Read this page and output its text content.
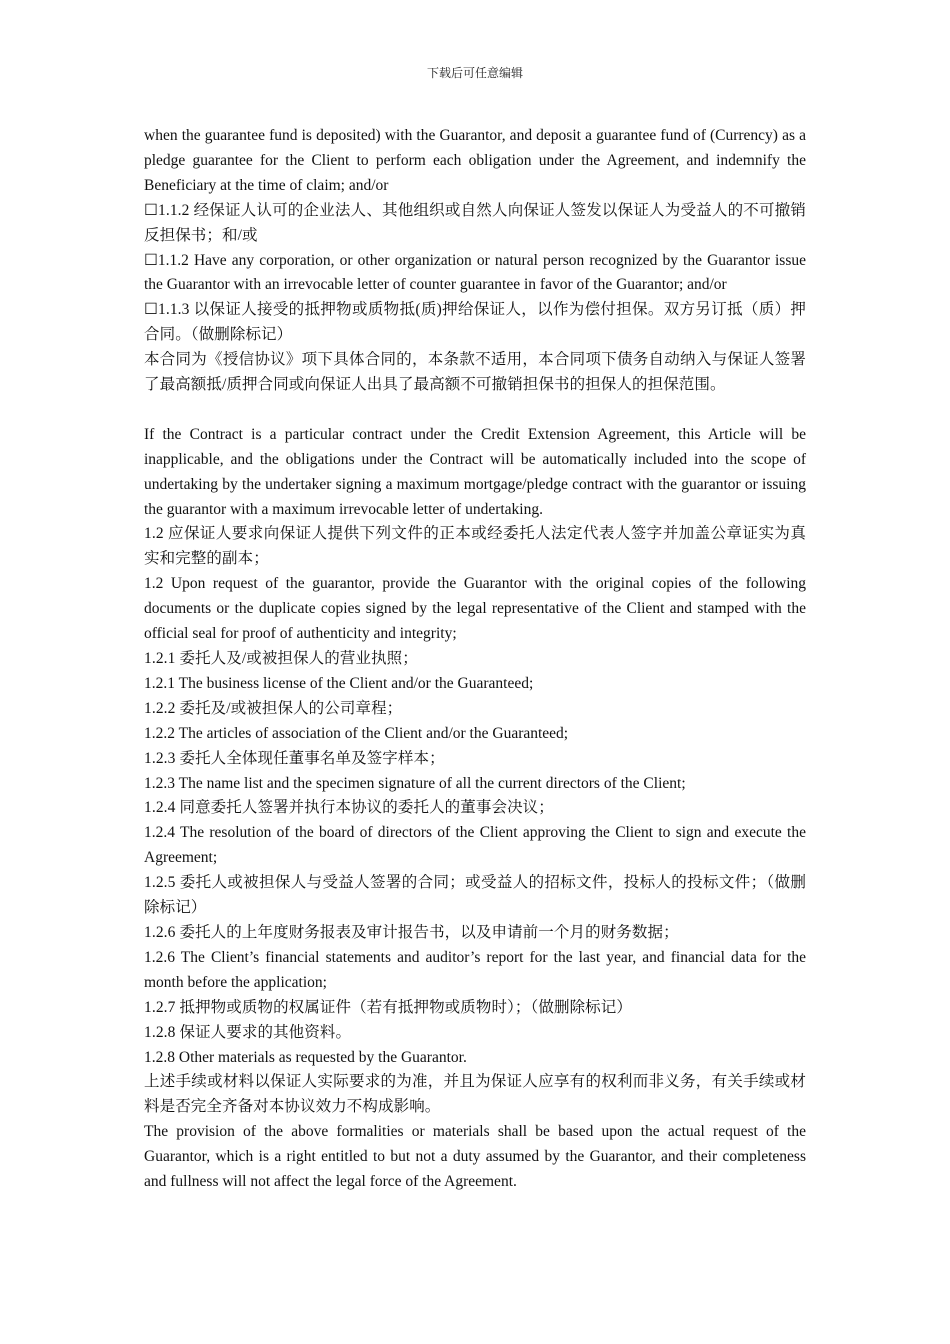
下载后可任意编辑

when the guarantee fund is deposited) with the Guarantor, and deposit a guarantee fund of (Currency) as a pledge guarantee for the Client to perform each obligation under the Agreement, and indemnify the Beneficiary at the time of claim; and/or

☐1.1.2 经保证人认可的企业法人、其他组织或自然人向保证人签发以保证人为受益人的不可撤销反担保书；和/或

☐1.1.2 Have any corporation, or other organization or natural person recognized by the Guarantor issue the Guarantor with an irrevocable letter of counter guarantee in favor of the Guarantor; and/or

☐1.1.3 以保证人接受的抵押物或质物抵(质)押给保证人，以作为偿付担保。双方另订抵（质）押合同。（做删除标记）

本合同为《授信协议》项下具体合同的，本条款不适用，本合同项下债务自动纳入与保证人签署了最高额抵/质押合同或向保证人出具了最高额不可撤销担保书的担保人的担保范围。

If the Contract is a particular contract under the Credit Extension Agreement, this Article will be inapplicable, and the obligations under the Contract will be automatically included into the scope of undertaking by the undertaker signing a maximum mortgage/pledge contract with the guarantor or issuing the guarantor with a maximum irrevocable letter of undertaking.

1.2 应保证人要求向保证人提供下列文件的正本或经委托人法定代表人签字并加盖公章证实为真实和完整的副本；

1.2 Upon request of the guarantor, provide the Guarantor with the original copies of the following documents or the duplicate copies signed by the legal representative of the Client and stamped with the official seal for proof of authenticity and integrity;

1.2.1 委托人及/或被担保人的营业执照；

1.2.1 The business license of the Client and/or the Guaranteed;

1.2.2 委托及/或被担保人的公司章程；

1.2.2 The articles of association of the Client and/or the Guaranteed;

1.2.3 委托人全体现任董事名单及签字样本；

1.2.3 The name list and the specimen signature of all the current directors of the Client;

1.2.4 同意委托人签署并执行本协议的委托人的董事会决议；

1.2.4 The resolution of the board of directors of the Client approving the Client to sign and execute the Agreement;

1.2.5 委托人或被担保人与受益人签署的合同；或受益人的招标文件，投标人的投标文件；（做删除标记）

1.2.6 委托人的上年度财务报表及审计报告书，以及申请前一个月的财务数据；

1.2.6 The Client’s financial statements and auditor’s report for the last year, and financial data for the month before the application;

1.2.7 抵押物或质物的权属证件（若有抵押物或质物时）；（做删除标记）

1.2.8 保证人要求的其他资料。

1.2.8 Other materials as requested by the Guarantor.

上述手续或材料以保证人实际要求的为准，并且为保证人应享有的权利而非义务，有关手续或材料是否完全齐备对本协议效力不构成影响。

The provision of the above formalities or materials shall be based upon the actual request of the Guarantor, which is a right entitled to but not a duty assumed by the Guarantor, and their completeness and fullness will not affect the legal force of the Agreement.
